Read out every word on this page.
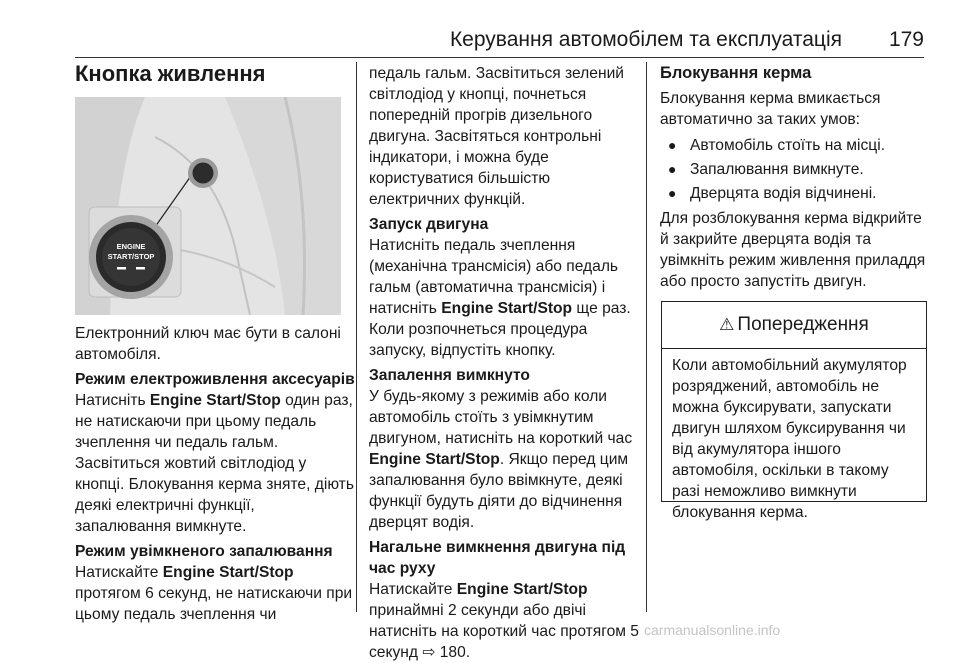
Керування автомобілем та експлуатація 179
Кнопка живлення
ENGINE
START/STOP

Електронний ключ має бути в салоні автомобіля.

Режим електроживлення аксесуарів

Натисніть Engine Start/Stop один раз, не натискаючи при цьому педаль зчеплення чи педаль гальм. Засвітиться жовтий світлодіод у кнопці. Блокування керма зняте, діють деякі електричні функції, запалювання вимкнуте.

Режим увімкненого запалювання

Натискайте Engine Start/Stop протягом 6 секунд, не натискаючи при цьому педаль зчеплення чи

педаль гальм. Засвітиться зелений світлодіод у кнопці, почнеться попередній прогрів дизельного двигуна. Засвітяться контрольні індикатори, і можна буде користуватися більшістю електричних функцій.

Запуск двигуна

Натисніть педаль зчеплення (механічна трансмісія) або педаль гальм (автоматична трансмісія) і натисніть Engine Start/Stop ще раз. Коли розпочнеться процедура запуску, відпустіть кнопку.

Запалення вимкнуто

У будь-якому з режимів або коли автомобіль стоїть з увімкнутим двигуном, натисніть на короткий час Engine Start/Stop. Якщо перед цим запалювання було ввімкнуте, деякі функції будуть діяти до відчинення дверцят водія.

Нагальне вимкнення двигуна під час руху

Натискайте Engine Start/Stop принаймні 2 секунди або двічі натисніть на короткий час протягом 5 секунд ⇨ 180.

Блокування керма

Блокування керма вмикається автоматично за таких умов:

● Автомобіль стоїть на місці.
● Запалювання вимкнуте.
● Дверцята водія відчинені.

Для розблокування керма відкрийте й закрийте дверцята водія та увімкніть режим живлення приладдя або просто запустіть двигун.

⚠ Попередження
Коли автомобільний акумулятор розряджений, автомобіль не можна буксирувати, запускати двигун шляхом буксирування чи від акумулятора іншого автомобіля, оскільки в такому разі неможливо вимкнути блокування керма.
carmanualsonline.info
